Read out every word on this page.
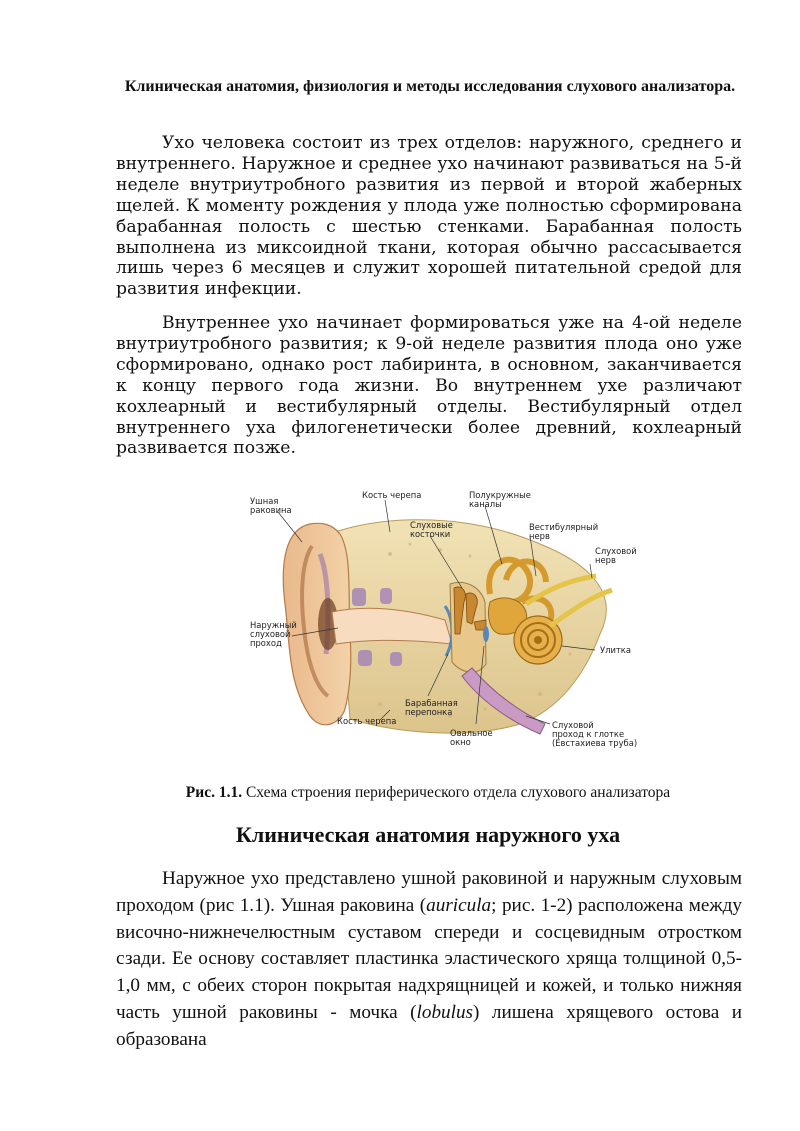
Клиническая анатомия, физиология и методы исследования слухового анализатора.

Ухо человека состоит из трех отделов: наружного, среднего и внутреннего. Наружное и среднее ухо начинают развиваться на 5-й неделе внутриутробного развития из первой и второй жаберных щелей. К моменту рождения у плода уже полностью сформирована барабанная полость с шестью стенками. Барабанная полость выполнена из миксоидной ткани, которая обычно рассасывается лишь через 6 месяцев и служит хорошей питательной средой для развития инфекции.

Внутреннее ухо начинает формироваться уже на 4-ой неделе внутриутробного развития; к 9-ой неделе развития плода оно уже сформировано, однако рост лабиринта, в основном, заканчивается к концу первого года жизни. Во внутреннем ухе различают кохлеарный и вестибулярный отделы. Вестибулярный отдел внутреннего уха филогенетически более древний, кохлеарный развивается позже.

Ушная раковина
Кость черепа	Полукружные каналы
Слуховые косточки
Вестибулярный нерв
Слуховой нерв
Наружный слуховой проход
Улитка
Барабанная перепонка
Кость черепа
Овальное окно
Слуховой проход к глотке (Евстахиева труба)

Рис. 1.1. Схема строения периферического отдела слухового анализатора

Клиническая анатомия наружного уха

Наружное ухо представлено ушной раковиной и наружным слуховым проходом (рис 1.1). Ушная раковина (auricula; рис. 1-2) расположена между височно-нижнечелюстным суставом спереди и сосцевидным отростком сзади. Ее основу составляет пластинка эластического хряща толщиной 0,5-1,0 мм, с обеих сторон покрытая надхрящницей и кожей, и только нижняя часть ушной раковины - мочка (lobulus) лишена хрящевого остова и образована
